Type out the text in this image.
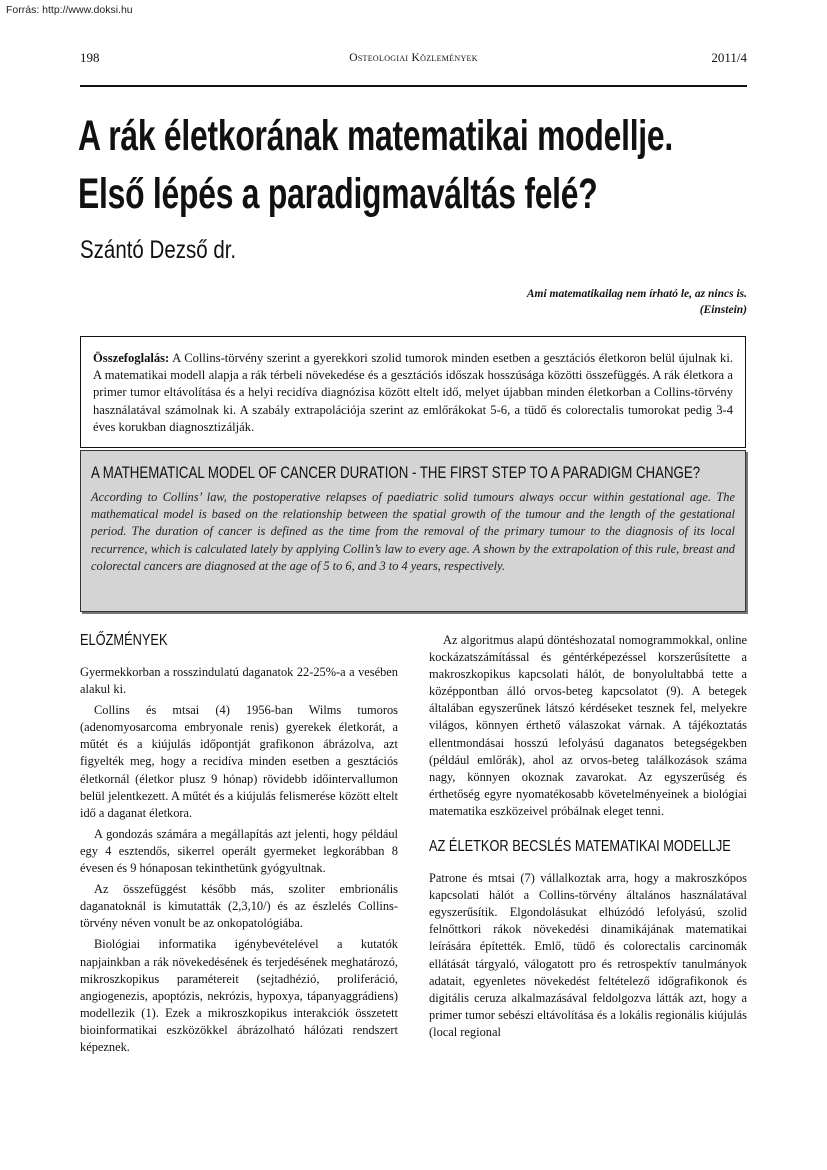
Forrás: http://www.doksi.hu
198	Osteologiai Közlemények	2011/4
A rák életkorának matematikai modellje.
Első lépés a paradigmaváltás felé?
Szántó Dezső dr.
Ami matematikailag nem írható le, az nincs is.
(Einstein)
Összefoglalás: A Collins-törvény szerint a gyerekkori szolid tumorok minden esetben a gesztációs életkoron belül újulnak ki. A matematikai modell alapja a rák térbeli növekedése és a gesztációs időszak hosszúsága közötti összefüggés. A rák életkora a primer tumor eltávolítása és a helyi recidíva diagnózisa között eltelt idő, melyet újabban minden életkorban a Collins-törvény használatával számolnak ki. A szabály extrapolációja szerint az emlőrákokat 5-6, a tüdő és colorectalis tumorokat pedig 3-4 éves korukban diagnosztizálják.
A MATHEMATICAL MODEL OF CANCER DURATION - THE FIRST STEP TO A PARADIGM CHANGE?
According to Collins’ law, the postoperative relapses of paediatric solid tumours always occur within gestational age. The mathematical model is based on the relationship between the spatial growth of the tumour and the length of the gestational period. The duration of cancer is defined as the time from the removal of the primary tumour to the diagnosis of its local recurrence, which is calculated lately by applying Collin’s law to every age. A shown by the extrapolation of this rule, breast and colorectal cancers are diagnosed at the age of 5 to 6, and 3 to 4 years, respectively.
ELŐZMÉNYEK

Gyermekkorban a rosszindulatú daganatok 22-25%-a a vesében alakul ki.

Collins és mtsai (4) 1956-ban Wilms tumoros (adenomyosarcoma embryonale renis) gyerekek életkorát, a műtét és a kiújulás időpontját grafikonon ábrázolva, azt figyelték meg, hogy a recidíva minden esetben a gesztációs életkornál (életkor plusz 9 hónap) rövidebb időintervallumon belül jelentkezett. A műtét és a kiújulás felismerése között eltelt idő a daganat életkora.

A gondozás számára a megállapítás azt jelenti, hogy például egy 4 esztendős, sikerrel operált gyermeket legkorábban 8 évesen és 9 hónaposan tekinthetünk gyógyultnak.

Az összefüggést később más, szoliter embrionális daganatoknál is kimutatták (2,3,10/) és az észlelés Collins-törvény néven vonult be az onkopatológiába.

Biológiai informatika igénybevételével a kutatók napjainkban a rák növekedésének és terjedésének meghatározó, mikroszkopikus paramétereit (sejtadhézió, proliferáció, angiogenezis, apoptózis, nekrózis, hypoxya, tápanyaggrádiens) modellezik (1). Ezek a mikroszkopikus interakciók összetett bioinformatikai eszközökkel ábrázolható hálózati rendszert képeznek.

Az algoritmus alapú döntéshozatal nomogrammokkal, online kockázatszámítással és géntérképezéssel korszerűsítette a makroszkopikus kapcsolati hálót, de bonyolultabbá tette a középpontban álló orvos-beteg kapcsolatot (9). A betegek általában egyszerűnek látszó kérdéseket tesznek fel, melyekre világos, könnyen érthető válaszokat várnak. A tájékoztatás ellentmondásai hosszú lefolyású daganatos betegségekben (például emlőrák), ahol az orvos-beteg találkozások száma nagy, könnyen okoznak zavarokat. Az egyszerűség és érthetőség egyre nyomatékosabb követelményeinek a biológiai matematika eszközeivel próbálnak eleget tenni.

AZ ÉLETKOR BECSLÉS MATEMATIKAI MODELLJE

Patrone és mtsai (7) vállalkoztak arra, hogy a makroszkópos kapcsolati hálót a Collins-törvény általános használatával egyszerűsítik. Elgondolásukat elhúzódó lefolyású, szolid felnőttkori rákok növekedési dinamikájának matematikai leírására építették. Emlő, tüdő és colorectalis carcinomák ellátását tárgyaló, válogatott pro és retrospektív tanulmányok adatait, egyenletes növekedést feltételező időgrafikonok és digitális ceruza alkalmazásával feldolgozva látták azt, hogy a primer tumor sebészi eltávolítása és a lokális regionális kiújulás (local regional
